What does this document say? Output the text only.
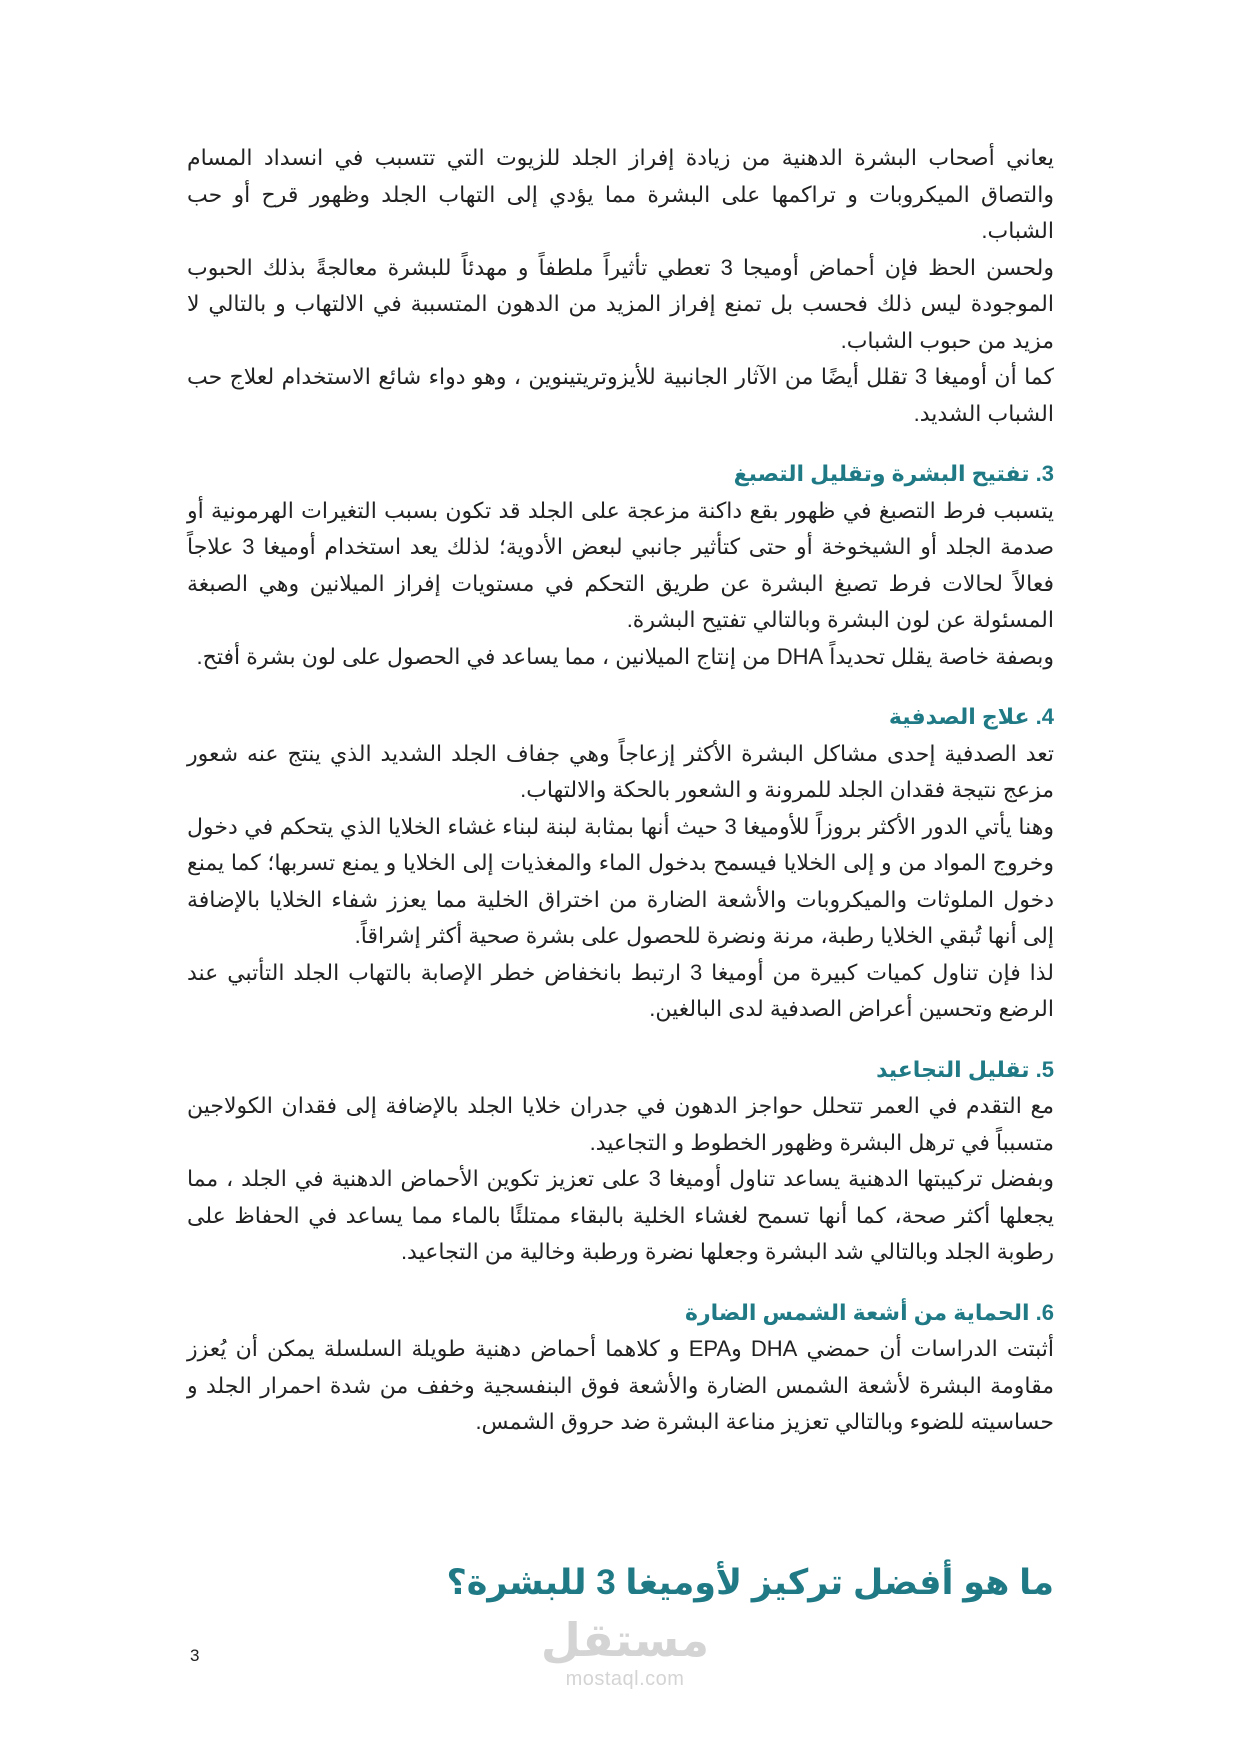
يعاني أصحاب البشرة الدهنية من زيادة إفراز الجلد للزيوت التي تتسبب في انسداد المسام والتصاق الميكروبات و تراكمها على البشرة مما يؤدي إلى التهاب الجلد وظهور قرح أو حب الشباب.

ولحسن الحظ فإن أحماض أوميجا 3 تعطي تأثيراً ملطفاً و مهدئاً للبشرة معالجةً بذلك الحبوب الموجودة ليس ذلك فحسب بل تمنع إفراز المزيد من الدهون المتسببة في الالتهاب و بالتالي لا مزيد من حبوب الشباب.

كما أن أوميغا 3 تقلل أيضًا من الآثار الجانبية للأيزوتريتينوين ، وهو دواء شائع الاستخدام لعلاج حب الشباب الشديد.

3. تفتيح البشرة وتقليل التصبغ

يتسبب فرط التصبغ في ظهور بقع داكنة مزعجة على الجلد قد تكون بسبب التغيرات الهرمونية أو صدمة الجلد أو الشيخوخة أو حتى كتأثير جانبي لبعض الأدوية؛ لذلك يعد استخدام أوميغا 3 علاجاً فعالاً لحالات فرط تصبغ البشرة عن طريق التحكم في مستويات إفراز الميلانين وهي الصبغة المسئولة عن لون البشرة وبالتالي تفتيح البشرة.

وبصفة خاصة يقلل تحديداً DHA من إنتاج الميلانين ، مما يساعد في الحصول على لون بشرة أفتح.

4. علاج الصدفية

تعد الصدفية إحدى مشاكل البشرة الأكثر إزعاجاً وهي جفاف الجلد الشديد الذي ينتج عنه شعور مزعج نتيجة فقدان الجلد للمرونة و الشعور بالحكة والالتهاب.

وهنا يأتي الدور الأكثر بروزاً للأوميغا 3 حيث أنها بمثابة لبنة لبناء غشاء الخلايا الذي يتحكم في دخول وخروج المواد من و إلى الخلايا فيسمح بدخول الماء والمغذيات إلى الخلايا و يمنع تسربها؛ كما يمنع دخول الملوثات والميكروبات والأشعة الضارة من اختراق الخلية مما يعزز شفاء الخلايا بالإضافة إلى أنها تُبقي الخلايا رطبة، مرنة ونضرة للحصول على بشرة صحية أكثر إشراقاً.

لذا فإن تناول كميات كبيرة من أوميغا 3 ارتبط بانخفاض خطر الإصابة بالتهاب الجلد التأتبي عند الرضع وتحسين أعراض الصدفية لدى البالغين.

5. تقليل التجاعيد

مع التقدم في العمر تتحلل حواجز الدهون في جدران خلايا الجلد بالإضافة إلى فقدان الكولاجين متسبباً في ترهل البشرة وظهور الخطوط و التجاعيد.

وبفضل تركيبتها الدهنية يساعد تناول أوميغا 3 على تعزيز تكوين الأحماض الدهنية في الجلد ، مما يجعلها أكثر صحة، كما أنها تسمح لغشاء الخلية بالبقاء ممتلئًا بالماء مما يساعد في الحفاظ على رطوبة الجلد وبالتالي شد البشرة وجعلها نضرة ورطبة وخالية من التجاعيد.

6. الحماية من أشعة الشمس الضارة

أثبتت الدراسات أن حمضي DHA وEPA و كلاهما أحماض دهنية طويلة السلسلة يمكن أن يُعزز مقاومة البشرة لأشعة الشمس الضارة والأشعة فوق البنفسجية وخفف من شدة احمرار الجلد و حساسيته للضوء وبالتالي تعزيز مناعة البشرة ضد حروق الشمس.

ما هو أفضل تركيز لأوميغا 3 للبشرة؟
3	مستقل
mostaql.com
